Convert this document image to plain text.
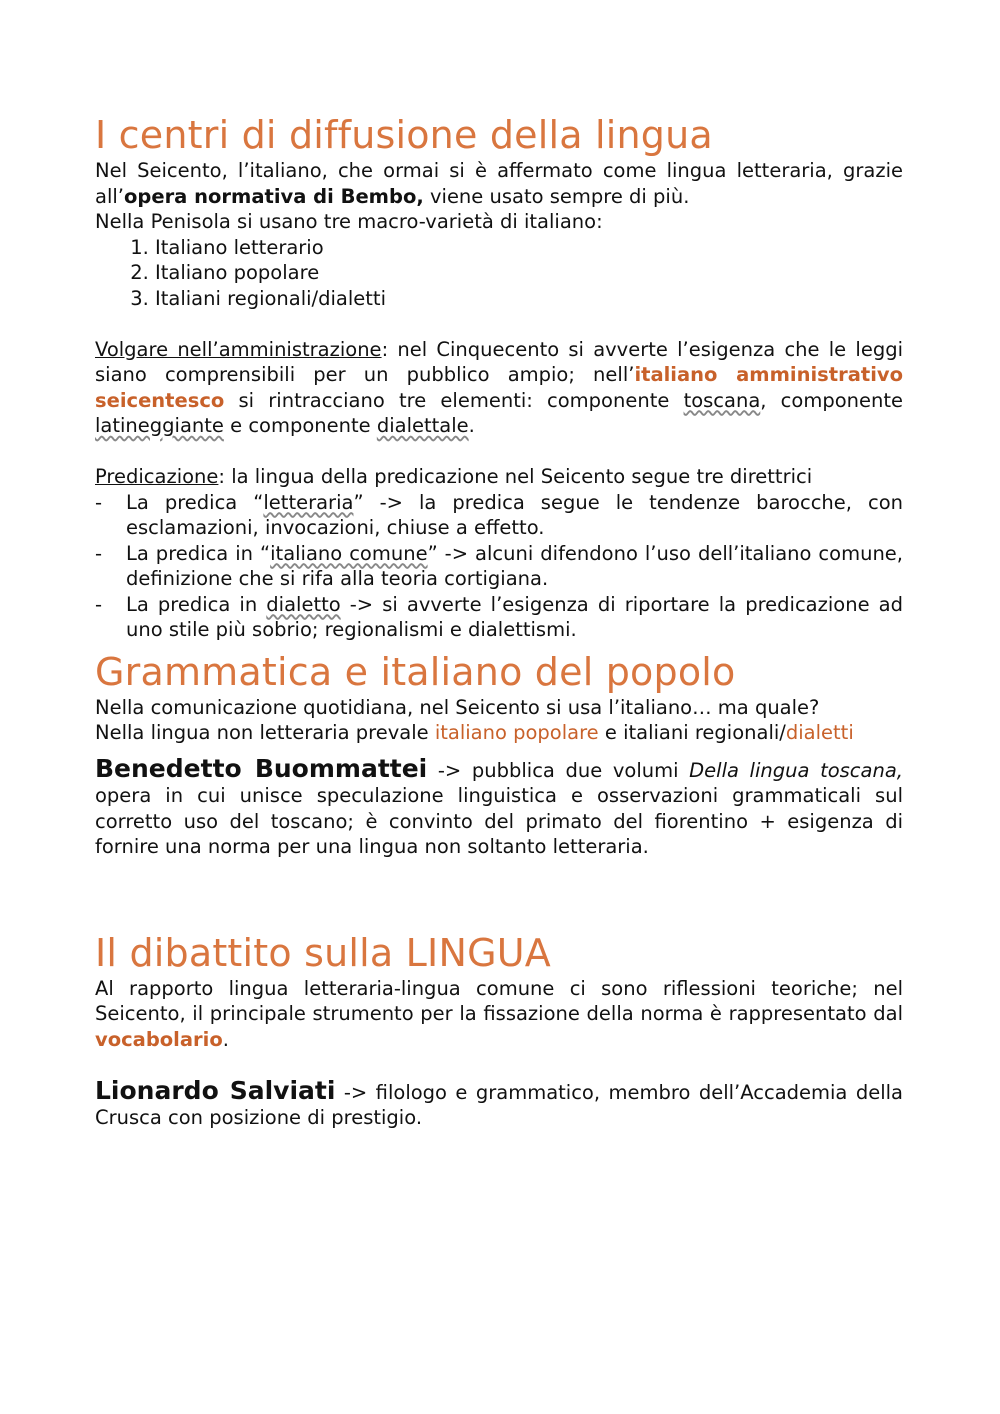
I centri di diffusione della lingua

Nel Seicento, l’italiano, che ormai si è affermato come lingua letteraria, grazie all’opera normativa di Bembo, viene usato sempre di più.

Nella Penisola si usano tre macro-varietà di italiano:

1. Italiano letterario
2. Italiano popolare
3. Italiani regionali/dialetti

Volgare nell’amministrazione: nel Cinquecento si avverte l’esigenza che le leggi siano comprensibili per un pubblico ampio; nell’italiano amministrativo seicentesco si rintracciano tre elementi: componente toscana, componente latineggiante e componente dialettale.

Predicazione: la lingua della predicazione nel Seicento segue tre direttrici

- La predica “letteraria” -> la predica segue le tendenze barocche, con esclamazioni, invocazioni, chiuse a effetto.
- La predica in “italiano comune” -> alcuni difendono l’uso dell’italiano comune, definizione che si rifa alla teoria cortigiana.
- La predica in dialetto -> si avverte l’esigenza di riportare la predicazione ad uno stile più sobrio; regionalismi e dialettismi.
Grammatica e italiano del popolo

Nella comunicazione quotidiana, nel Seicento si usa l’italiano… ma quale?

Nella lingua non letteraria prevale italiano popolare e italiani regionali/dialetti

Benedetto Buommattei -> pubblica due volumi Della lingua toscana, opera in cui unisce speculazione linguistica e osservazioni grammaticali sul corretto uso del toscano; è convinto del primato del fiorentino + esigenza di fornire una norma per una lingua non soltanto letteraria.

Il dibattito sulla LINGUA

Al rapporto lingua letteraria-lingua comune ci sono riflessioni teoriche; nel Seicento, il principale strumento per la fissazione della norma è rappresentato dal vocabolario.

Lionardo Salviati -> filologo e grammatico, membro dell’Accademia della Crusca con posizione di prestigio.
